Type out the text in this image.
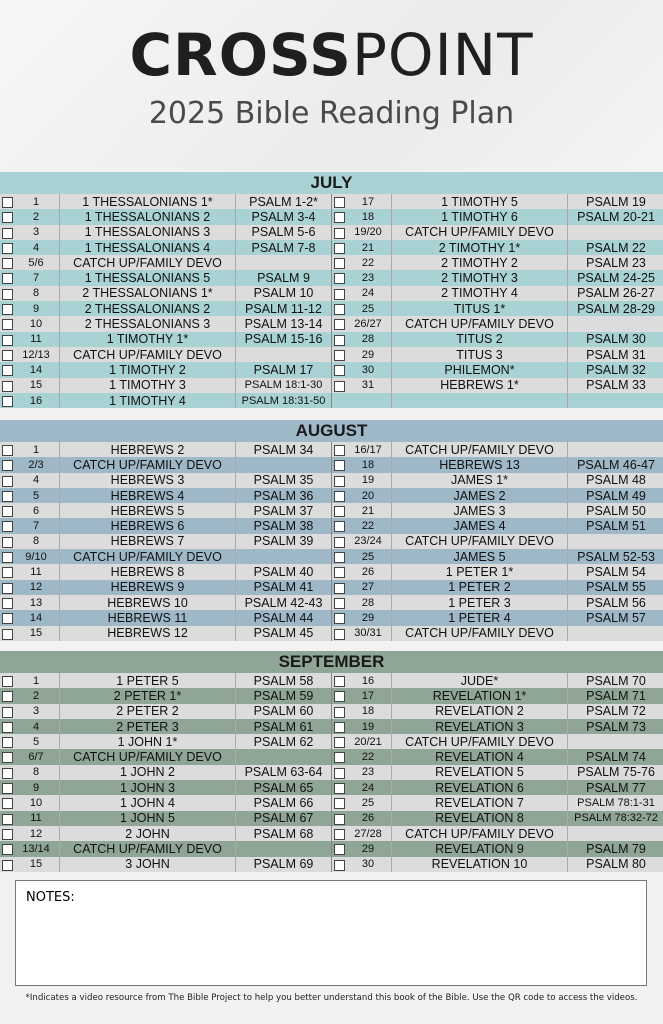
CROSSPOINT
2025 Bible Reading Plan
JULY
1	1 THESSALONIANS 1*	PSALM 1-2*
2	1 THESSALONIANS 2	PSALM 3-4
3	1 THESSALONIANS 3	PSALM 5-6
4	1 THESSALONIANS 4	PSALM 7-8
5/6	CATCH UP/FAMILY DEVO
7	1 THESSALONIANS 5	PSALM 9
8	2 THESSALONIANS 1*	PSALM 10
9	2 THESSALONIANS 2	PSALM 11-12
10	2 THESSALONIANS 3	PSALM 13-14
11	1 TIMOTHY 1*	PSALM 15-16
12/13	CATCH UP/FAMILY DEVO
14	1 TIMOTHY 2	PSALM 17
15	1 TIMOTHY 3	PSALM 18:1-30
16	1 TIMOTHY 4	PSALM 18:31-50
17	1 TIMOTHY 5	PSALM 19
18	1 TIMOTHY 6	PSALM 20-21
19/20	CATCH UP/FAMILY DEVO
21	2 TIMOTHY 1*	PSALM 22
22	2 TIMOTHY 2	PSALM 23
23	2 TIMOTHY 3	PSALM 24-25
24	2 TIMOTHY 4	PSALM 26-27
25	TITUS 1*	PSALM 28-29
26/27	CATCH UP/FAMILY DEVO
28	TITUS 2	PSALM 30
29	TITUS 3	PSALM 31
30	PHILEMON*	PSALM 32
31	HEBREWS 1*	PSALM 33
AUGUST
1	HEBREWS 2	PSALM 34
2/3	CATCH UP/FAMILY DEVO
4	HEBREWS 3	PSALM 35
5	HEBREWS 4	PSALM 36
6	HEBREWS 5	PSALM 37
7	HEBREWS 6	PSALM 38
8	HEBREWS 7	PSALM 39
9/10	CATCH UP/FAMILY DEVO
11	HEBREWS 8	PSALM 40
12	HEBREWS 9	PSALM 41
13	HEBREWS 10	PSALM 42-43
14	HEBREWS 11	PSALM 44
15	HEBREWS 12	PSALM 45
16/17	CATCH UP/FAMILY DEVO
18	HEBREWS 13	PSALM 46-47
19	JAMES 1*	PSALM 48
20	JAMES 2	PSALM 49
21	JAMES 3	PSALM 50
22	JAMES 4	PSALM 51
23/24	CATCH UP/FAMILY DEVO
25	JAMES 5	PSALM 52-53
26	1 PETER 1*	PSALM 54
27	1 PETER 2	PSALM 55
28	1 PETER 3	PSALM 56
29	1 PETER 4	PSALM 57
30/31	CATCH UP/FAMILY DEVO
SEPTEMBER
1	1 PETER 5	PSALM 58
2	2 PETER 1*	PSALM 59
3	2 PETER 2	PSALM 60
4	2 PETER 3	PSALM 61
5	1 JOHN 1*	PSALM 62
6/7	CATCH UP/FAMILY DEVO
8	1 JOHN 2	PSALM 63-64
9	1 JOHN 3	PSALM 65
10	1 JOHN 4	PSALM 66
11	1 JOHN 5	PSALM 67
12	2 JOHN	PSALM 68
13/14	CATCH UP/FAMILY DEVO
15	3 JOHN	PSALM 69
16	JUDE*	PSALM 70
17	REVELATION 1*	PSALM 71
18	REVELATION 2	PSALM 72
19	REVELATION 3	PSALM 73
20/21	CATCH UP/FAMILY DEVO
22	REVELATION 4	PSALM 74
23	REVELATION 5	PSALM 75-76
24	REVELATION 6	PSALM 77
25	REVELATION 7	PSALM 78:1-31
26	REVELATION 8	PSALM 78:32-72
27/28	CATCH UP/FAMILY DEVO
29	REVELATION 9	PSALM 79
30	REVELATION 10	PSALM 80
NOTES:
*Indicates a video resource from The Bible Project to help you better understand this book of the Bible. Use the QR code to access the videos.
